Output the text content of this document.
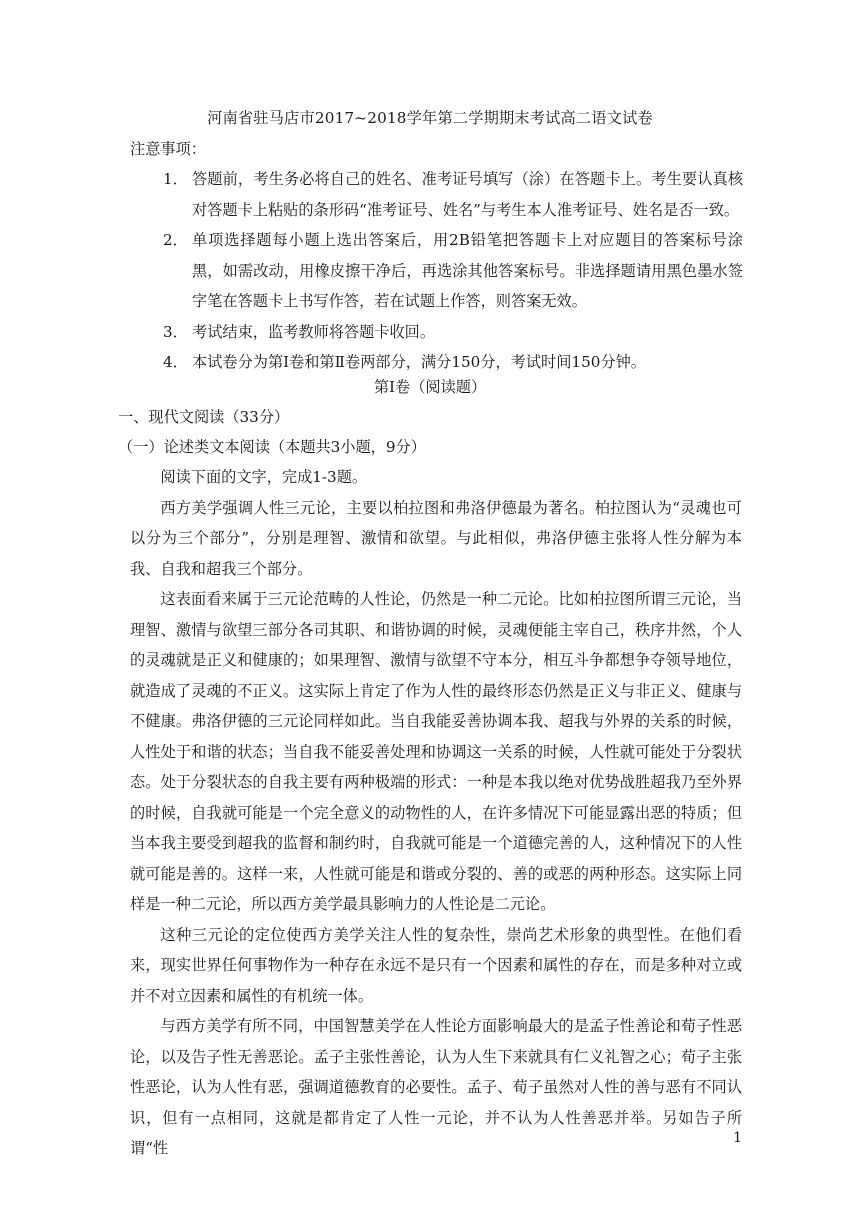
河南省驻马店市2017~2018学年第二学期期末考试高二语文试卷
注意事项：
1． 答题前，考生务必将自己的姓名、准考证号填写（涂）在答题卡上。考生要认真核对答题卡上粘贴的条形码“准考证号、姓名”与考生本人准考证号、姓名是否一致。
2． 单项选择题每小题上选出答案后，用2B铅笔把答题卡上对应题目的答案标号涂黑，如需改动，用橡皮擦干净后，再选涂其他答案标号。非选择题请用黑色墨水签字笔在答题卡上书写作答，若在试题上作答，则答案无效。
3． 考试结束，监考教师将答题卡收回。
4． 本试卷分为第Ⅰ卷和第Ⅱ卷两部分，满分150分，考试时间150分钟。
第Ⅰ卷（阅读题）
一、现代文阅读（33分）
（一）论述类文本阅读（本题共3小题，9分）

阅读下面的文字，完成1-3题。

西方美学强调人性三元论，主要以柏拉图和弗洛伊德最为著名。柏拉图认为“灵魂也可以分为三个部分”，分别是理智、激情和欲望。与此相似，弗洛伊德主张将人性分解为本我、自我和超我三个部分。

这表面看来属于三元论范畴的人性论，仍然是一种二元论。比如柏拉图所谓三元论，当理智、激情与欲望三部分各司其职、和谐协调的时候，灵魂便能主宰自己，秩序井然，个人的灵魂就是正义和健康的；如果理智、激情与欲望不守本分，相互斗争都想争夺领导地位，就造成了灵魂的不正义。这实际上肯定了作为人性的最终形态仍然是正义与非正义、健康与不健康。弗洛伊德的三元论同样如此。当自我能妥善协调本我、超我与外界的关系的时候，人性处于和谐的状态；当自我不能妥善处理和协调这一关系的时候，人性就可能处于分裂状态。处于分裂状态的自我主要有两种极端的形式：一种是本我以绝对优势战胜超我乃至外界的时候，自我就可能是一个完全意义的动物性的人，在许多情况下可能显露出恶的特质；但当本我主要受到超我的监督和制约时，自我就可能是一个道德完善的人，这种情况下的人性就可能是善的。这样一来，人性就可能是和谐或分裂的、善的或恶的两种形态。这实际上同样是一种二元论，所以西方美学最具影响力的人性论是二元论。

这种三元论的定位使西方美学关注人性的复杂性，崇尚艺术形象的典型性。在他们看来，现实世界任何事物作为一种存在永远不是只有一个因素和属性的存在，而是多种对立或并不对立因素和属性的有机统一体。

与西方美学有所不同，中国智慧美学在人性论方面影响最大的是孟子性善论和荀子性恶论，以及告子性无善恶论。孟子主张性善论，认为人生下来就具有仁义礼智之心；荀子主张性恶论，认为人性有恶，强调道德教育的必要性。孟子、荀子虽然对人性的善与恶有不同认识，但有一点相同，这就是都肯定了人性一元论，并不认为人性善恶并举。另如告子所谓“性

1
